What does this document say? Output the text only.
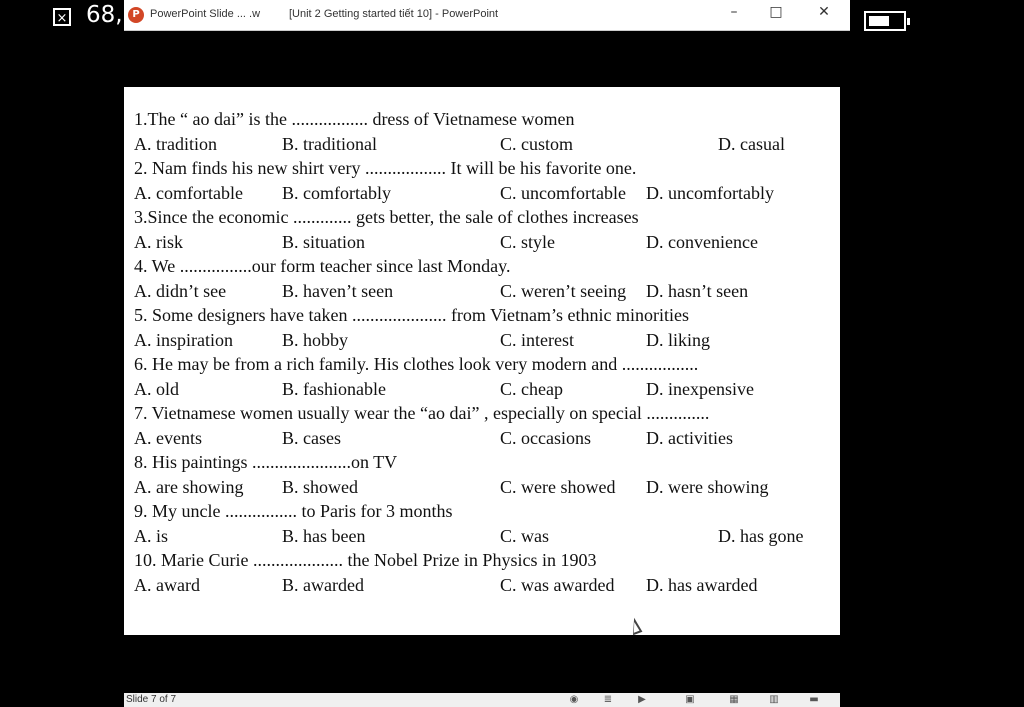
× 68, P PowerPoint Slide ... .w	[Unit 2 Getting started tiết 10] - PowerPoint	–	□	✕
1.The “ ao dai” is the ................. dress of Vietnamese women
A. tradition	B. traditional	C. custom	D. casual
2. Nam finds his new shirt very .................. It will be his favorite one.
A. comfortable B. comfortably	C. uncomfortable D. uncomfortably
3.Since the economic ............. gets better, the sale of clothes increases
A. risk	B. situation	C. style	D. convenience
4. We ................our form teacher since last Monday.
A. didn’t see	B. haven’t seen	C. weren’t seeing D. hasn’t seen
5. Some designers have taken ..................... from Vietnam’s ethnic minorities
A. inspiration	B. hobby	C. interest	D. liking
6. He may be from a rich family. His clothes look very modern and .................
A. old	B. fashionable	C. cheap	D. inexpensive
7. Vietnamese women usually wear the “ao dai” , especially on special ..............
A. events	B. cases	C. occasions	D. activities
8. His paintings ......................on TV
A. are showing B. showed	C. were showed D. were showing
9. My uncle ................ to Paris for 3 months
A. is	B. has been	C. was	D. has gone
10. Marie Curie .................... the Nobel Prize in Physics in 1903
A. award	B. awarded	C. was awarded D. has awarded
Slide 7 of 7	◉	≣	▶	▣	▦	▥	▬
